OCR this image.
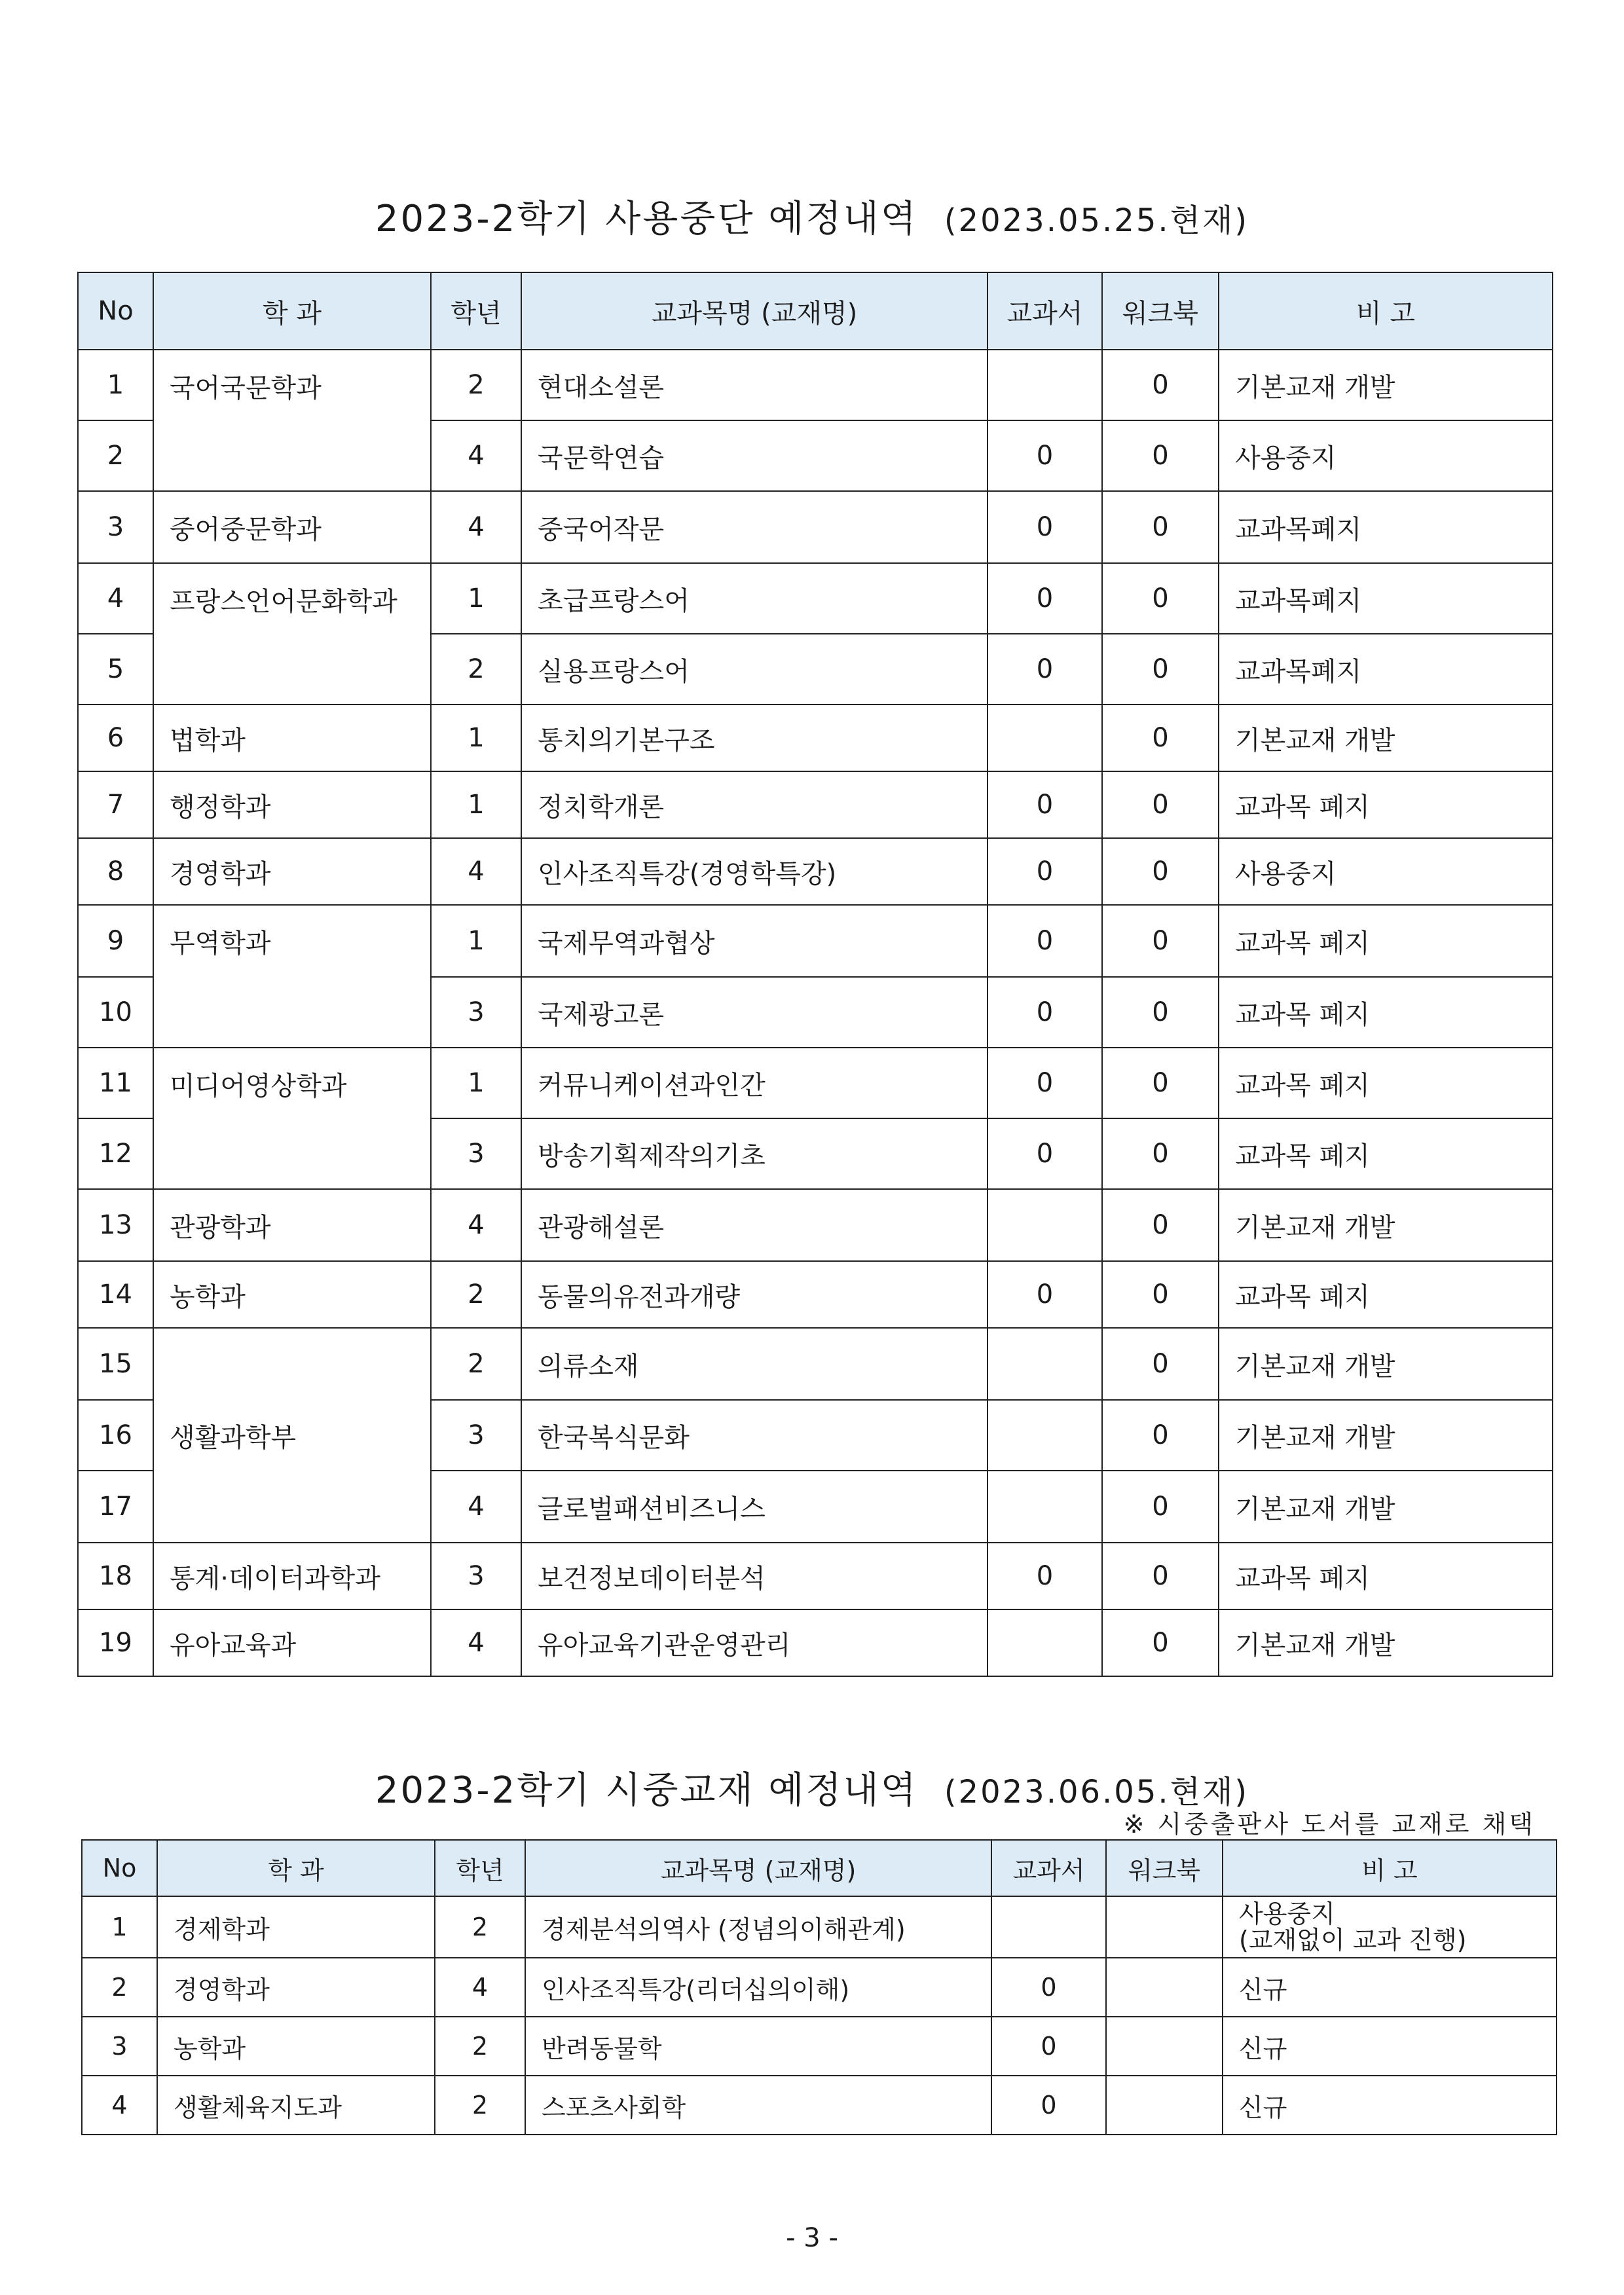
2023-2학기 사용중단 예정내역 (2023.05.25.현재)
No	학 과	학년	교과목명 (교재명)	교과서	워크북	비 고
1	국어국문학과	2	현대소설론		0	기본교재 개발
2		4	국문학연습	0	0	사용중지
3	중어중문학과	4	중국어작문	0	0	교과목폐지
4	프랑스언어문화학과	1	초급프랑스어	0	0	교과목폐지
5		2	실용프랑스어	0	0	교과목폐지
6	법학과	1	통치의기본구조		0	기본교재 개발
7	행정학과	1	정치학개론	0	0	교과목 폐지
8	경영학과	4	인사조직특강(경영학특강)	0	0	사용중지
9	무역학과	1	국제무역과협상	0	0	교과목 폐지
10		3	국제광고론	0	0	교과목 폐지
11	미디어영상학과	1	커뮤니케이션과인간	0	0	교과목 폐지
12		3	방송기획제작의기초	0	0	교과목 폐지
13	관광학과	4	관광해설론		0	기본교재 개발
14	농학과	2	동물의유전과개량	0	0	교과목 폐지
15	생활과학부	2	의류소재		0	기본교재 개발
16		3	한국복식문화		0	기본교재 개발
17		4	글로벌패션비즈니스		0	기본교재 개발
18	통계·데이터과학과	3	보건정보데이터분석	0	0	교과목 폐지
19	유아교육과	4	유아교육기관운영관리		0	기본교재 개발
2023-2학기 시중교재 예정내역 (2023.06.05.현재)
※ 시중출판사 도서를 교재로 채택
No	학 과	학년	교과목명 (교재명)	교과서	워크북	비 고
1	경제학과	2	경제분석의역사 (정념의이해관계)			사용중지
(교재없이 교과 진행)

2	경영학과	4	인사조직특강(리더십의이해)	0		신규
3	농학과	2	반려동물학	0		신규
4	생활체육지도과	2	스포츠사회학	0		신규
- 3 -
